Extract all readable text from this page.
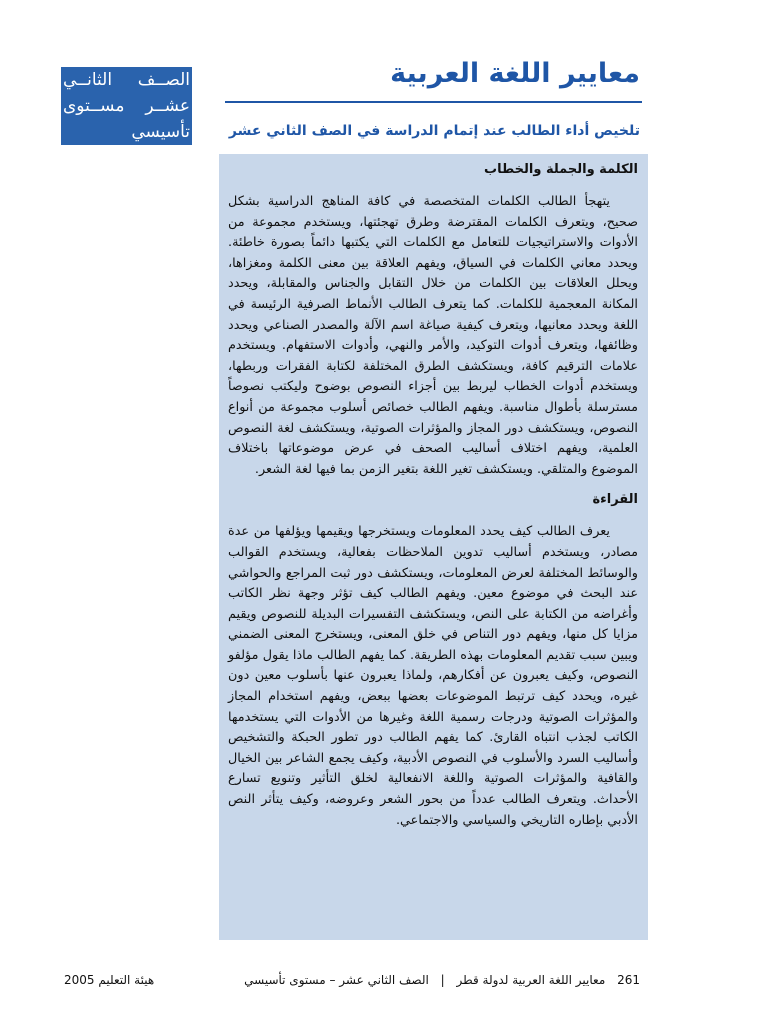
الصــف الثانــي
عشــر مســتوى
تأسيسي
معايير اللغة العربية
تلخيص أداء الطالب عند إتمام الدراسة في الصف الثاني عشر
الكلمة والجملة والخطاب

يتهجأ الطالب الكلمات المتخصصة في كافة المناهج الدراسية بشكل صحيح، ويتعرف الكلمات المقترضة وطرق تهجئتها، ويستخدم مجموعة من الأدوات والاستراتيجيات للتعامل مع الكلمات التي يكتبها دائماً بصورة خاطئة. ويحدد معاني الكلمات في السياق، ويفهم العلاقة بين معنى الكلمة ومغزاها، ويحلل العلاقات بين الكلمات من خلال التقابل والجناس والمقابلة، ويحدد المكانة المعجمية للكلمات. كما يتعرف الطالب الأنماط الصرفية الرئيسة في اللغة ويحدد معانيها، ويتعرف كيفية صياغة اسم الآلة والمصدر الصناعي ويحدد وظائفها، ويتعرف أدوات التوكيد، والأمر والنهي، وأدوات الاستفهام. ويستخدم علامات الترقيم كافة، ويستكشف الطرق المختلفة لكتابة الفقرات وربطها، ويستخدم أدوات الخطاب ليربط بين أجزاء النصوص بوضوح وليكتب نصوصاً مسترسلة بأطوال مناسبة. ويفهم الطالب خصائص أسلوب مجموعة من أنواع النصوص، ويستكشف دور المجاز والمؤثرات الصوتية، ويستكشف لغة النصوص العلمية، ويفهم اختلاف أساليب الصحف في عرض موضوعاتها باختلاف الموضوع والمتلقي. ويستكشف تغير اللغة بتغير الزمن بما فيها لغة الشعر.

القراءة

يعرف الطالب كيف يحدد المعلومات ويستخرجها ويقيمها ويؤلفها من عدة مصادر، ويستخدم أساليب تدوين الملاحظات بفعالية، ويستخدم القوالب والوسائط المختلفة لعرض المعلومات، ويستكشف دور ثبت المراجع والحواشي عند البحث في موضوع معين. ويفهم الطالب كيف تؤثر وجهة نظر الكاتب وأغراضه من الكتابة على النص، ويستكشف التفسيرات البديلة للنصوص ويقيم مزايا كل منها، ويفهم دور التناص في خلق المعنى، ويستخرج المعنى الضمني ويبين سبب تقديم المعلومات بهذه الطريقة. كما يفهم الطالب ماذا يقول مؤلفو النصوص، وكيف يعبرون عن أفكارهم، ولماذا يعبرون عنها بأسلوب معين دون غيره، ويحدد كيف ترتبط الموضوعات بعضها ببعض، ويفهم استخدام المجاز والمؤثرات الصوتية ودرجات رسمية اللغة وغيرها من الأدوات التي يستخدمها الكاتب لجذب انتباه القارئ. كما يفهم الطالب دور تطور الحبكة والتشخيص وأساليب السرد والأسلوب في النصوص الأدبية، وكيف يجمع الشاعر بين الخيال والقافية والمؤثرات الصوتية واللغة الانفعالية لخلق التأثير وتنويع تسارع الأحداث. ويتعرف الطالب عدداً من بحور الشعر وعروضه، وكيف يتأثر النص الأدبي بإطاره التاريخي والسياسي والاجتماعي.

هيئة التعليم 2005	261 معايير اللغة العربية لدولة قطر | الصف الثاني عشر – مستوى تأسيسي
